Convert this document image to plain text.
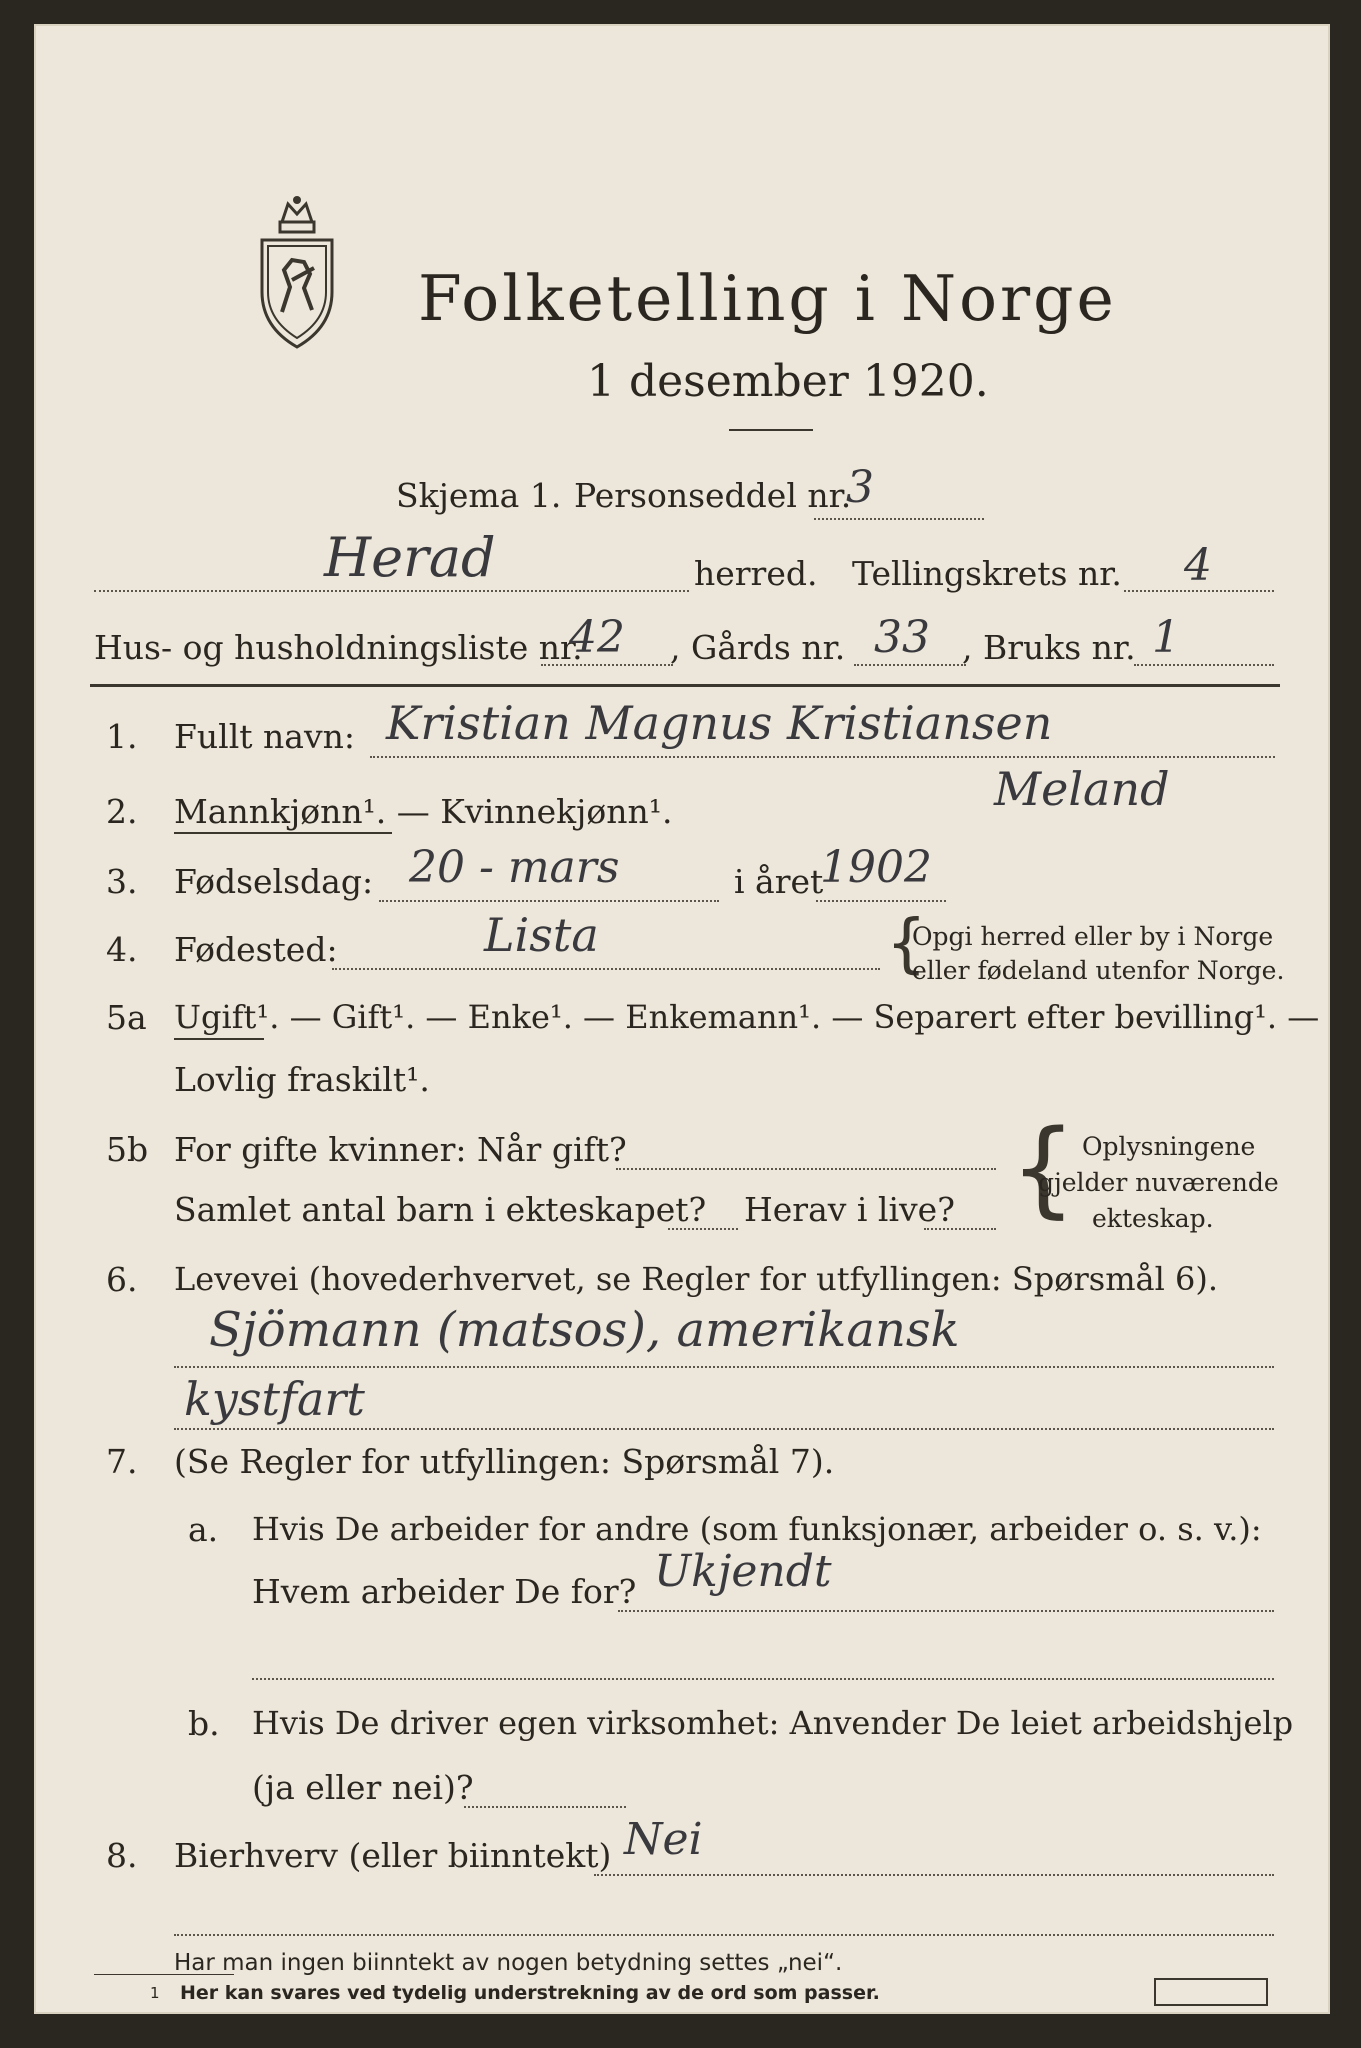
Folketelling i Norge
1 desember 1920.
Skjema 1. Personseddel nr.
3
Herad	herred. Tellingskrets nr. 4
Hus- og husholdningsliste nr.
42 , Gårds nr. 33 , Bruks nr. 1
1. Fullt navn: Kristian Magnus Kristiansen
2. Mannkjønn¹. — Kvinnekjønn¹.	Meland
3. Fødselsdag: 20 - mars	i året
1902
4. Fødested:	Lista	{
Opgi herred eller by i Norge
eller fødeland utenfor Norge.
5a Ugift¹. — Gift¹. — Enke¹. — Enkemann¹. — Separert efter bevilling¹. —
Lovlig fraskilt¹.
5b For gifte kvinner: Når gift?
Samlet antal barn i ekteskapet? Herav i live? { Oplysningene
gjelder nuværende
ekteskap.
6. Levevei (hovederhvervet, se Regler for utfyllingen: Spørsmål 6).
Sjömann (matsos), amerikansk
kystfart
7. (Se Regler for utfyllingen: Spørsmål 7).
a. Hvis De arbeider for andre (som funksjonær, arbeider o. s. v.):
Hvem arbeider De for? Ukjendt
b. Hvis De driver egen virksomhet: Anvender De leiet arbeidshjelp
(ja eller nei)?
8. Bierhverv (eller biinntekt) Nei
Har man ingen biinntekt av nogen betydning settes „nei“.
1 Her kan svares ved tydelig understrekning av de ord som passer.
